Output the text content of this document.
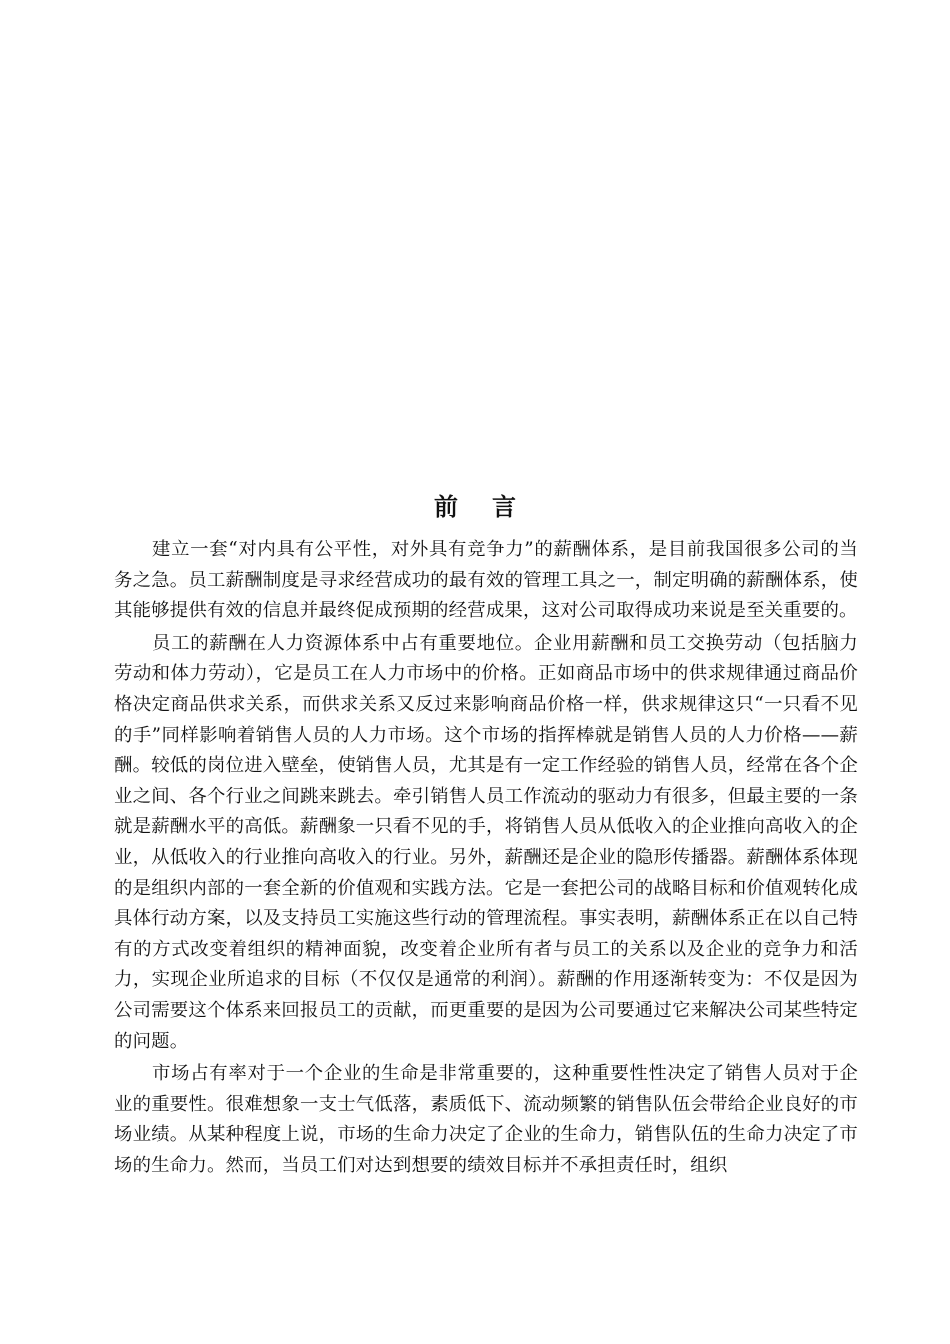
前言

建立一套“对内具有公平性，对外具有竞争力”的薪酬体系，是目前我国很多公司的当务之急。员工薪酬制度是寻求经营成功的最有效的管理工具之一，制定明确的薪酬体系，使其能够提供有效的信息并最终促成预期的经营成果，这对公司取得成功来说是至关重要的。

员工的薪酬在人力资源体系中占有重要地位。企业用薪酬和员工交换劳动（包括脑力劳动和体力劳动），它是员工在人力市场中的价格。正如商品市场中的供求规律通过商品价格决定商品供求关系，而供求关系又反过来影响商品价格一样，供求规律这只“一只看不见的手”同样影响着销售人员的人力市场。这个市场的指挥棒就是销售人员的人力价格——薪酬。较低的岗位进入壁垒，使销售人员，尤其是有一定工作经验的销售人员，经常在各个企业之间、各个行业之间跳来跳去。牵引销售人员工作流动的驱动力有很多，但最主要的一条就是薪酬水平的高低。薪酬象一只看不见的手，将销售人员从低收入的企业推向高收入的企业，从低收入的行业推向高收入的行业。另外，薪酬还是企业的隐形传播器。薪酬体系体现的是组织内部的一套全新的价值观和实践方法。它是一套把公司的战略目标和价值观转化成具体行动方案，以及支持员工实施这些行动的管理流程。事实表明，薪酬体系正在以自己特有的方式改变着组织的精神面貌，改变着企业所有者与员工的关系以及企业的竞争力和活力，实现企业所追求的目标（不仅仅是通常的利润）。薪酬的作用逐渐转变为：不仅是因为公司需要这个体系来回报员工的贡献，而更重要的是因为公司要通过它来解决公司某些特定的问题。

市场占有率对于一个企业的生命是非常重要的，这种重要性性决定了销售人员对于企业的重要性。很难想象一支士气低落，素质低下、流动频繁的销售队伍会带给企业良好的市场业绩。从某种程度上说，市场的生命力决定了企业的生命力，销售队伍的生命力决定了市场的生命力。然而，当员工们对达到想要的绩效目标并不承担责任时，组织
